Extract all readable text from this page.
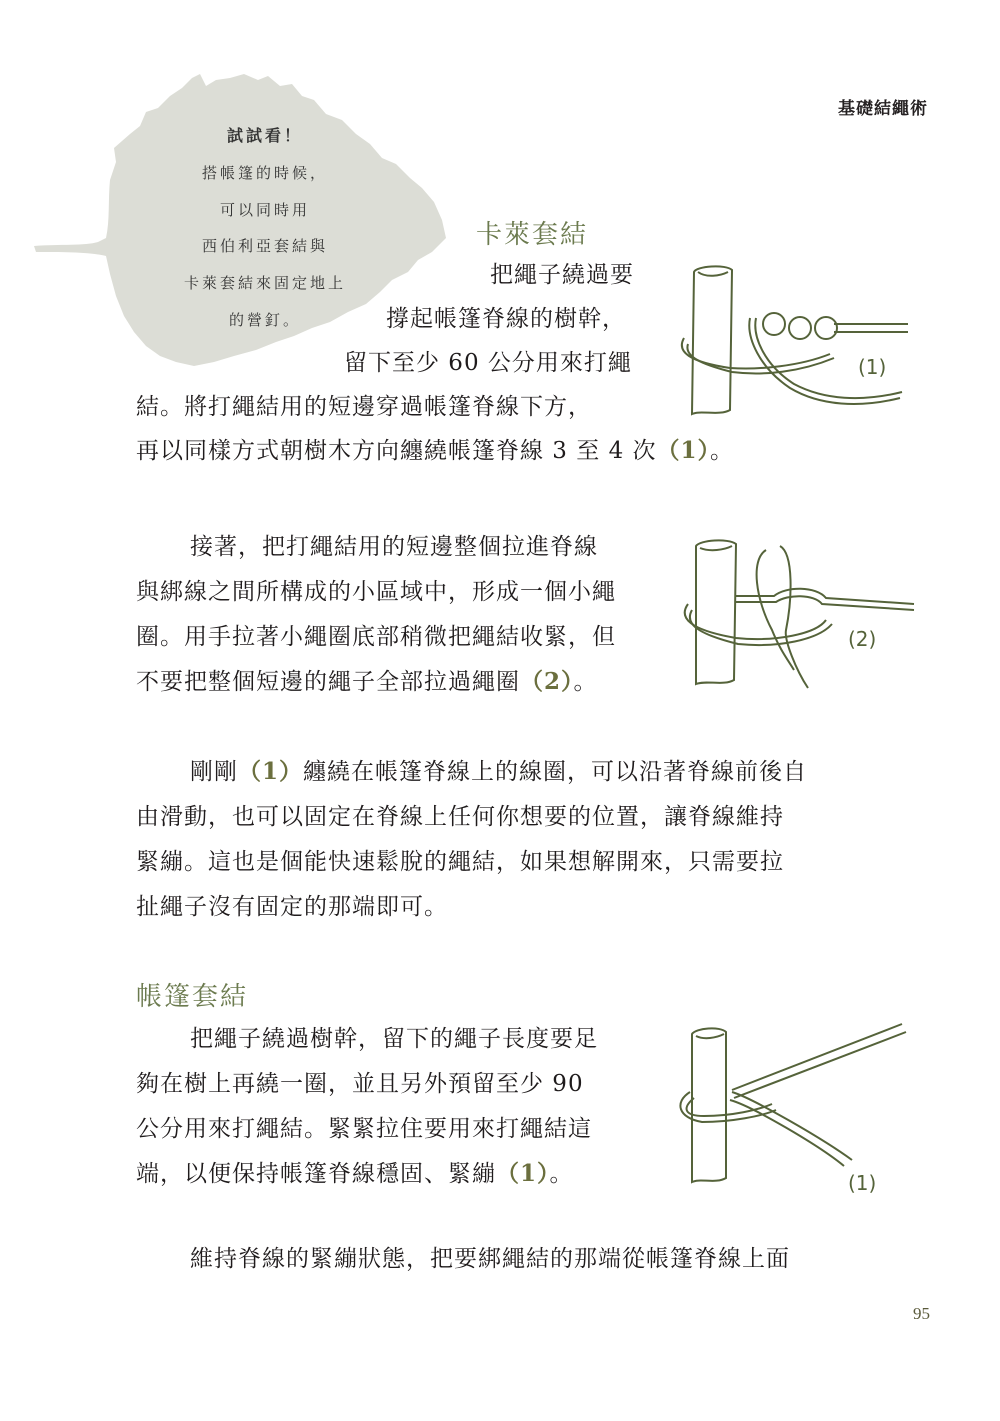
基礎結繩術
試試看！
搭帳篷的時候，
可以同時用
西伯利亞套結與
卡萊套結來固定地上
的營釘。
卡萊套結
把繩子繞過要
撐起帳篷脊線的樹幹，
留下至少 60 公分用來打繩
結。將打繩結用的短邊穿過帳篷脊線下方，
再以同樣方式朝樹木方向纏繞帳篷脊線 3 至 4 次（1）。
(1)
接著，把打繩結用的短邊整個拉進脊線
與綁線之間所構成的小區域中，形成一個小繩
圈。用手拉著小繩圈底部稍微把繩結收緊，但
不要把整個短邊的繩子全部拉過繩圈（2）。
(2)
剛剛（1）纏繞在帳篷脊線上的線圈，可以沿著脊線前後自
由滑動，也可以固定在脊線上任何你想要的位置，讓脊線維持
緊繃。這也是個能快速鬆脫的繩結，如果想解開來，只需要拉
扯繩子沒有固定的那端即可。
帳篷套結
把繩子繞過樹幹，留下的繩子長度要足
夠在樹上再繞一圈，並且另外預留至少 90
公分用來打繩結。緊緊拉住要用來打繩結這
端，以便保持帳篷脊線穩固、緊繃（1）。	(1)
維持脊線的緊繃狀態，把要綁繩結的那端從帳篷脊線上面
95
